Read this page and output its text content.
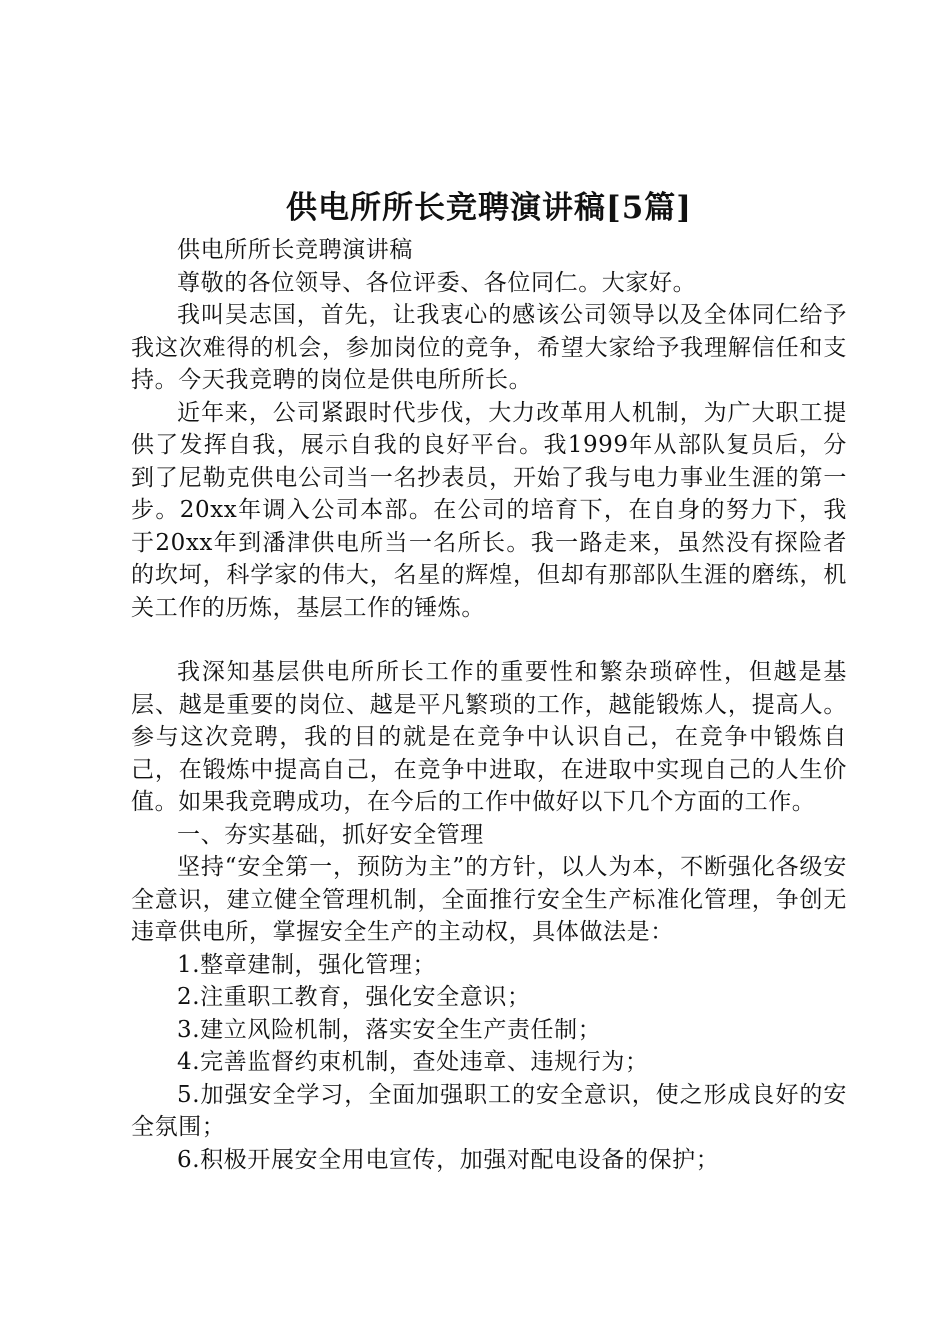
供电所所长竞聘演讲稿[5篇]

供电所所长竞聘演讲稿

尊敬的各位领导、各位评委、各位同仁。大家好。

我叫吴志国，首先，让我衷心的感该公司领导以及全体同仁给予我这次难得的机会，参加岗位的竞争，希望大家给予我理解信任和支持。今天我竞聘的岗位是供电所所长。

近年来，公司紧跟时代步伐，大力改革用人机制，为广大职工提供了发挥自我，展示自我的良好平台。我1999年从部队复员后，分到了尼勒克供电公司当一名抄表员，开始了我与电力事业生涯的第一步。20xx年调入公司本部。在公司的培育下，在自身的努力下，我于20xx年到潘津供电所当一名所长。我一路走来，虽然没有探险者的坎坷，科学家的伟大，名星的辉煌，但却有那部队生涯的磨练，机关工作的历炼，基层工作的锤炼。

我深知基层供电所所长工作的重要性和繁杂琐碎性，但越是基层、越是重要的岗位、越是平凡繁琐的工作，越能锻炼人，提高人。参与这次竞聘，我的目的就是在竞争中认识自己，在竞争中锻炼自己，在锻炼中提高自己，在竞争中进取，在进取中实现自己的人生价值。如果我竞聘成功，在今后的工作中做好以下几个方面的工作。

一、夯实基础，抓好安全管理

坚持“安全第一，预防为主”的方针，以人为本，不断强化各级安全意识，建立健全管理机制，全面推行安全生产标准化管理，争创无违章供电所，掌握安全生产的主动权，具体做法是：

1.整章建制，强化管理；

2.注重职工教育，强化安全意识；

3.建立风险机制，落实安全生产责任制；

4.完善监督约束机制，查处违章、违规行为；

5.加强安全学习，全面加强职工的安全意识，使之形成良好的安全氛围；

6.积极开展安全用电宣传，加强对配电设备的保护；
